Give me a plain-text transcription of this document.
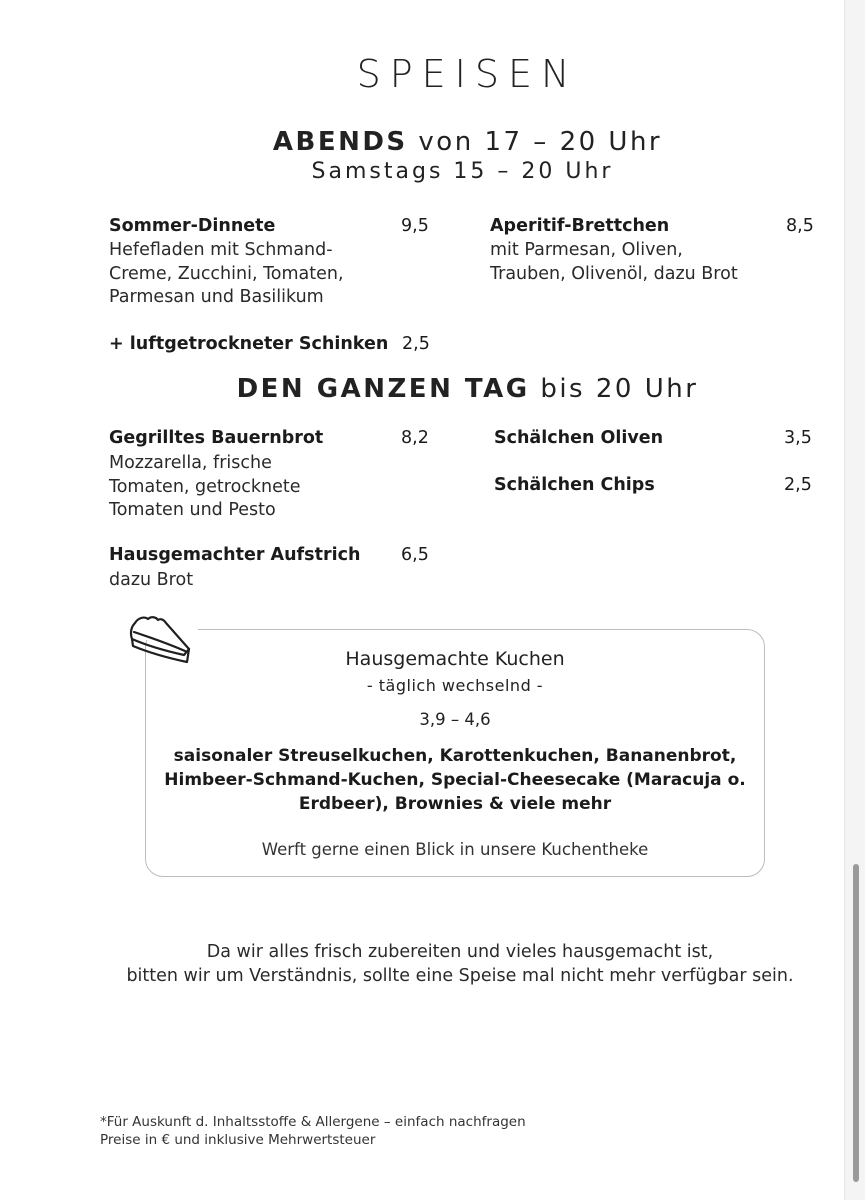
SPEISEN
ABENDS von 17 – 20 Uhr
Samstags 15 – 20 Uhr
Sommer-Dinnete	9,5
Hefefladen mit Schmand-
Creme, Zucchini, Tomaten,
Parmesan und Basilikum
Aperitif-Brettchen	8,5
mit Parmesan, Oliven,
Trauben, Olivenöl, dazu Brot
+ luftgetrockneter Schinken 2,5
DEN GANZEN TAG bis 20 Uhr
Gegrilltes Bauernbrot	8,2
Mozzarella, frische
Tomaten, getrocknete
Tomaten und Pesto
Schälchen Oliven	3,5
Schälchen Chips	2,5
Hausgemachter Aufstrich 6,5
dazu Brot
Hausgemachte Kuchen
- täglich wechselnd -
3,9 – 4,6
saisonaler Streuselkuchen, Karottenkuchen, Bananenbrot,
Himbeer-Schmand-Kuchen, Special-Cheesecake (Maracuja o.
Erdbeer), Brownies & viele mehr
Werft gerne einen Blick in unsere Kuchentheke
Da wir alles frisch zubereiten und vieles hausgemacht ist,
bitten wir um Verständnis, sollte eine Speise mal nicht mehr verfügbar sein.
*Für Auskunft d. Inhaltsstoffe & Allergene – einfach nachfragen
Preise in € und inklusive Mehrwertsteuer
